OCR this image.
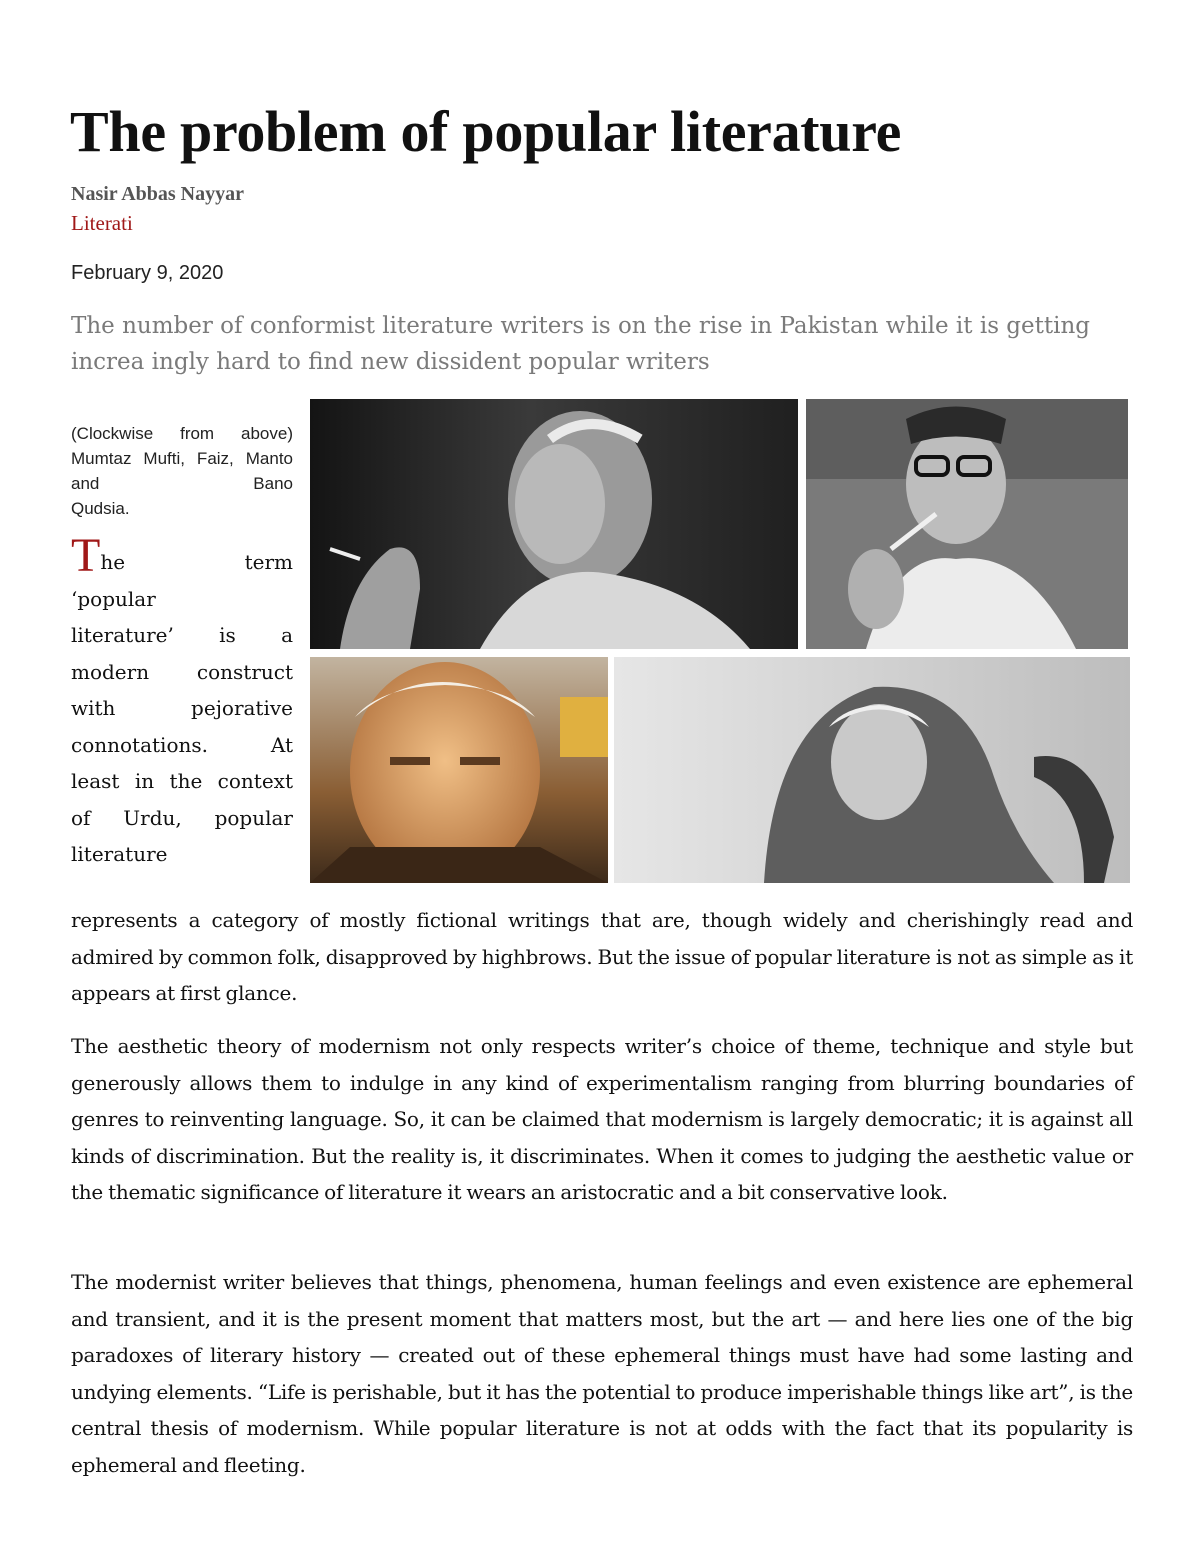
The problem of popular literature
Nasir Abbas Nayyar
Literati
February 9, 2020

The number of conformist literature writers is on the rise in Pakistan while it is getting increa ingly hard to find new dissident popular writers

(Clockwise from above) Mumtaz Mufti, Faiz, Manto and Bano
Qudsia.

The term
‘popular
literature’ is a
modern construct
with pejorative
connotations. At
least in the context
of Urdu, popular
literature

represents a category of mostly fictional writings that are, though widely and cherishingly read and admired by common folk, disapproved by highbrows. But the issue of popular literature is not as simple as it appears at first glance.

The aesthetic theory of modernism not only respects writer’s choice of theme, technique and style but generously allows them to indulge in any kind of experimentalism ranging from blurring boundaries of genres to reinventing language. So, it can be claimed that modernism is largely democratic; it is against all kinds of discrimination. But the reality is, it discriminates. When it comes to judging the aesthetic value or the thematic significance of literature it wears an aristocratic and a bit conservative look.

The modernist writer believes that things, phenomena, human feelings and even existence are ephemeral and transient, and it is the present moment that matters most, but the art — and here lies one of the big paradoxes of literary history — created out of these ephemeral things must have had some lasting and undying elements. “Life is perishable, but it has the potential to produce imperishable things like art”, is the central thesis of modernism. While popular literature is not at odds with the fact that its popularity is ephemeral and fleeting.
